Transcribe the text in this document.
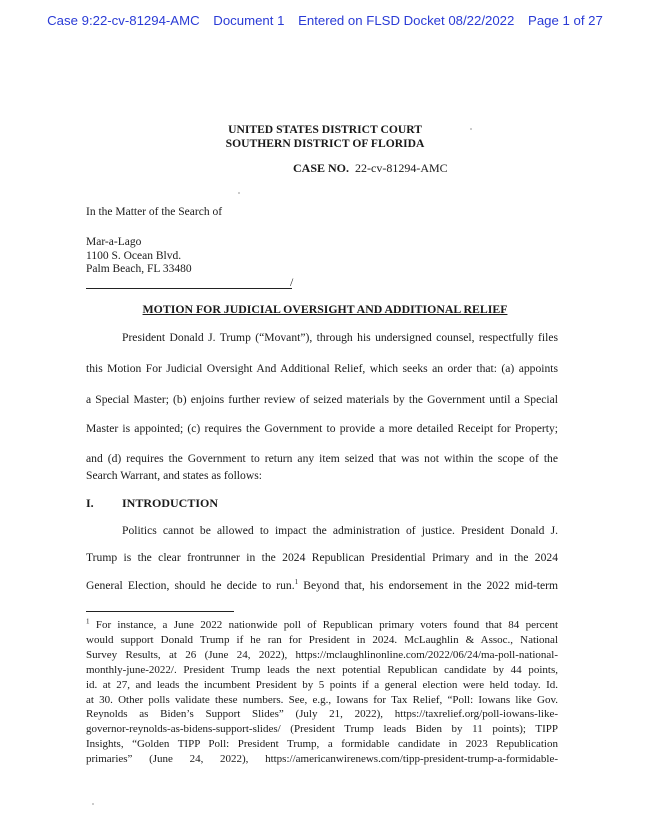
Case 9:22-cv-81294-AMC Document 1 Entered on FLSD Docket 08/22/2022 Page 1 of 27
UNITED STATES DISTRICT COURT
SOUTHERN DISTRICT OF FLORIDA
CASE NO. 22-cv-81294-AMC
In the Matter of the Search of
Mar-a-Lago
1100 S. Ocean Blvd.
Palm Beach, FL 33480
/
MOTION FOR JUDICIAL OVERSIGHT AND ADDITIONAL RELIEF
President Donald J. Trump (“Movant”), through his undersigned counsel, respectfully files
this Motion For Judicial Oversight And Additional Relief, which seeks an order that: (a) appoints
a Special Master; (b) enjoins further review of seized materials by the Government until a Special
Master is appointed; (c) requires the Government to provide a more detailed Receipt for Property;
and (d) requires the Government to return any item seized that was not within the scope of the
Search Warrant, and states as follows:
I. INTRODUCTION
Politics cannot be allowed to impact the administration of justice. President Donald J.
Trump is the clear frontrunner in the 2024 Republican Presidential Primary and in the 2024
General Election, should he decide to run.$^1$ Beyond that, his endorsement in the 2022 mid-term
$^1$ For instance, a June 2022 nationwide poll of Republican primary voters found that 84 percent
would support Donald Trump if he ran for President in 2024. McLaughlin & Assoc., National
Survey Results, at 26 (June 24, 2022), https://mclaughlinonline.com/2022/06/24/ma-poll-national-
monthly-june-2022/. President Trump leads the next potential Republican candidate by 44 points,
id. at 27, and leads the incumbent President by 5 points if a general election were held today. Id.
at 30. Other polls validate these numbers. See, e.g., Iowans for Tax Relief, “Poll: Iowans like Gov.
Reynolds as Biden’s Support Slides” (July 21, 2022), https://taxrelief.org/poll-iowans-like-
governor-reynolds-as-bidens-support-slides/ (President Trump leads Biden by 11 points); TIPP
Insights, “Golden TIPP Poll: President Trump, a formidable candidate in 2023 Republication
primaries” (June 24, 2022), https://americanwirenews.com/tipp-president-trump-a-formidable-
